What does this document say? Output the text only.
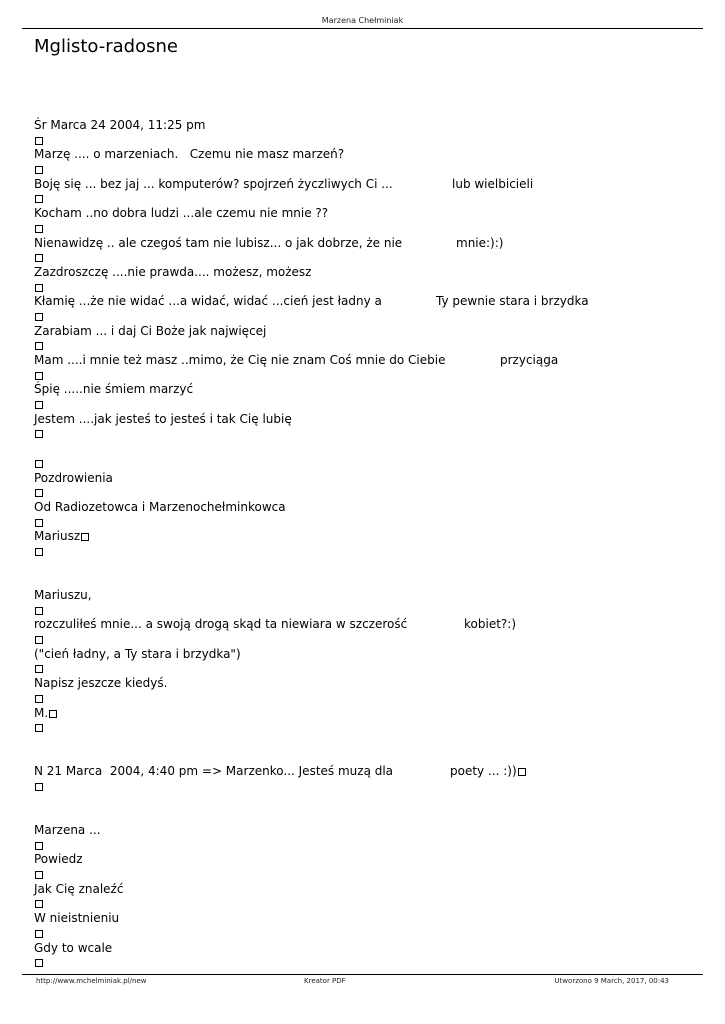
Marzena Chełminiak
Mglisto-radosne
Śr Marca 24 2004, 11:25 pm
Marzę .... o marzeniach.   Czemu nie masz marzeń?
Boję się ... bez jaj ... komputerów? spojrzeń życzliwych Ci ...	lub wielbicieli
Kocham ..no dobra ludzi ...ale czemu nie mnie ??
Nienawidzę .. ale czegoś tam nie lubisz... o jak dobrze, że nie	mnie:):)
Zazdroszczę ....nie prawda.... możesz, możesz
Kłamię ...że nie widać ...a widać, widać ...cień jest ładny a	Ty pewnie stara i brzydka
Zarabiam ... i daj Ci Boże jak najwięcej
Mam ....i mnie też masz ..mimo, że Cię nie znam Coś mnie do Ciebie	przyciąga
Śpię .....nie śmiem marzyć
Jestem ....jak jesteś to jesteś i tak Cię lubię
Pozdrowienia
Od Radiozetowca i Marzenochełminkowca
Mariusz
Mariuszu,
rozczuliłeś mnie... a swoją drogą skąd ta niewiara w szczerość	kobiet?:)
("cień ładny, a Ty stara i brzydka")
Napisz jeszcze kiedyś.
M.
N 21 Marca  2004, 4:40 pm => Marzenko... Jesteś muzą dla	poety ... :))
Marzena ...
Powiedz
Jak Cię znaleźć
W nieistnieniu
Gdy to wcale
http://www.mchelminiak.pl/new	Kreator PDF	Utworzono 9 March, 2017, 00:43
